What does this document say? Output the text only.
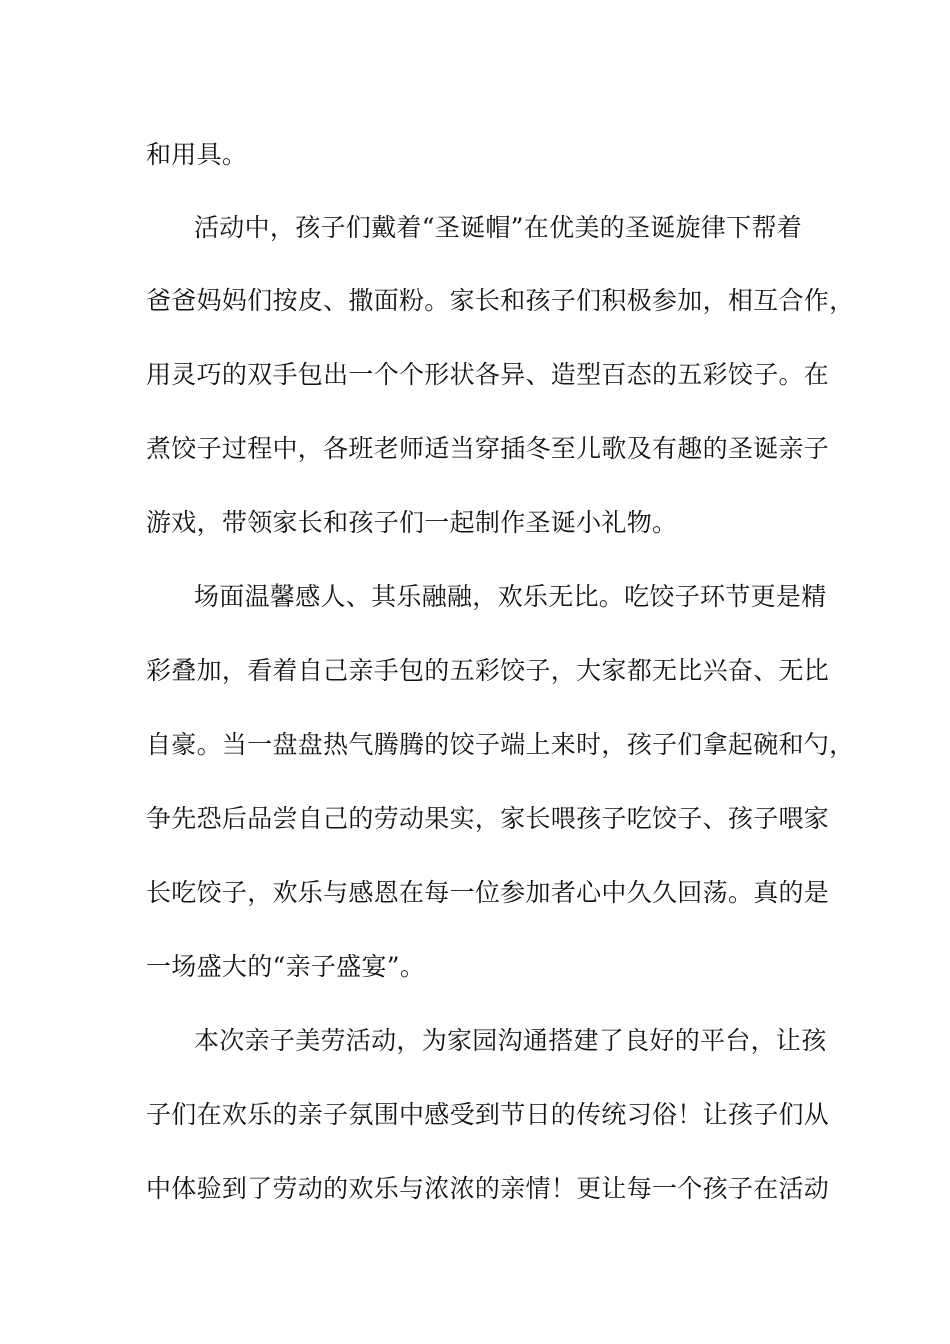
和用具。
活动中，孩子们戴着“圣诞帽”在优美的圣诞旋律下帮着
爸爸妈妈们按皮、撒面粉。家长和孩子们积极参加，相互合作，
用灵巧的双手包出一个个形状各异、造型百态的五彩饺子。在
煮饺子过程中，各班老师适当穿插冬至儿歌及有趣的圣诞亲子
游戏，带领家长和孩子们一起制作圣诞小礼物。
场面温馨感人、其乐融融，欢乐无比。吃饺子环节更是精
彩叠加，看着自己亲手包的五彩饺子，大家都无比兴奋、无比
自豪。当一盘盘热气腾腾的饺子端上来时，孩子们拿起碗和勺，
争先恐后品尝自己的劳动果实，家长喂孩子吃饺子、孩子喂家
长吃饺子，欢乐与感恩在每一位参加者心中久久回荡。真的是
一场盛大的“亲子盛宴”。
本次亲子美劳活动，为家园沟通搭建了良好的平台，让孩
子们在欢乐的亲子氛围中感受到节日的传统习俗！让孩子们从
中体验到了劳动的欢乐与浓浓的亲情！更让每一个孩子在活动
